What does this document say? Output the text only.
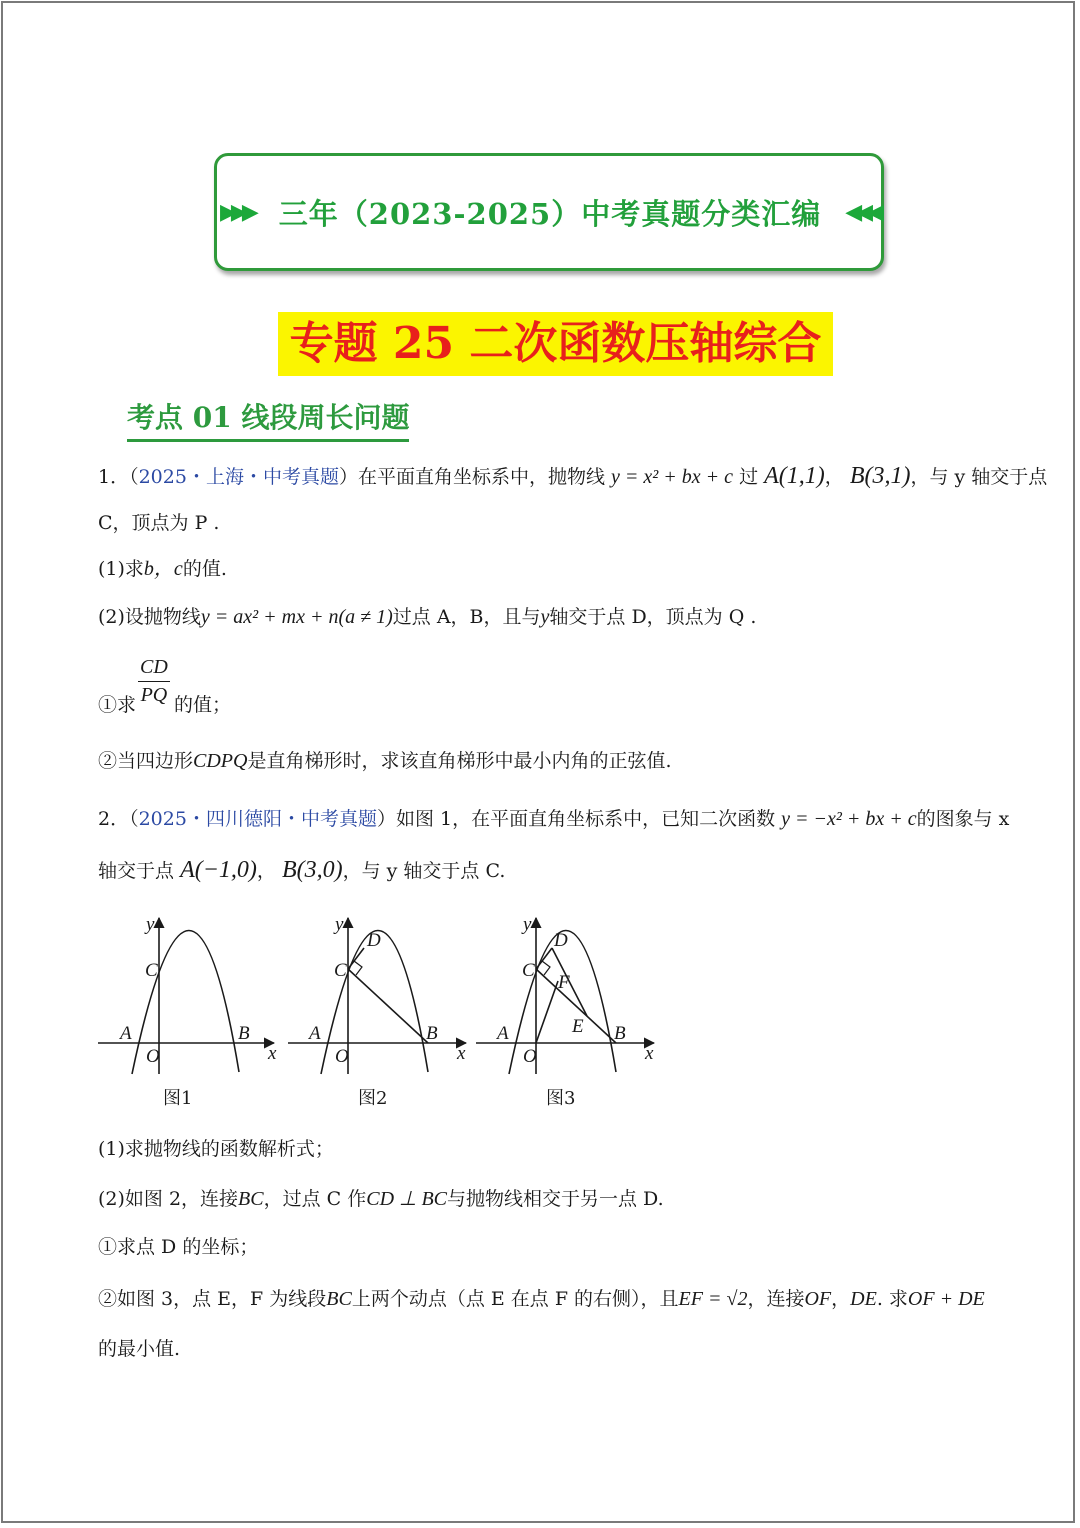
▶▶▶ 三年（2023-2025）中考真题分类汇编 ◀◀◀
专题 25 二次函数压轴综合
考点 01 线段周长问题
1．（2025・上海・中考真题）在平面直角坐标系中，抛物线 y = x² + bx + c 过 A(1,1)， B(3,1)，与 y 轴交于点
C，顶点为 P .
(1)求b，c的值.
(2)设抛物线y = ax² + mx + n(a ≠ 1)过点 A，B，且与y轴交于点 D，顶点为 Q .
①求 的值；
$\frac{CD}{PQ}$
②当四边形CDPQ是直角梯形时，求该直角梯形中最小内角的正弦值.
2．（2025・四川德阳・中考真题）如图 1，在平面直角坐标系中，已知二次函数 y = −x² + bx + c的图象与 x
轴交于点 A(−1,0)， B(3,0)，与 y 轴交于点 C.
y
x
O
A	B
C
图1
y
x
O
A	B
C
D
图2
y
x
O
A	B
C
D
E
F
图3
(1)求抛物线的函数解析式；
(2)如图 2，连接BC，过点 C 作CD ⊥ BC与抛物线相交于另一点 D.
①求点 D 的坐标；
②如图 3，点 E，F 为线段BC上两个动点（点 E 在点 F 的右侧），且EF = √2，连接OF，DE. 求OF + DE
的最小值.
